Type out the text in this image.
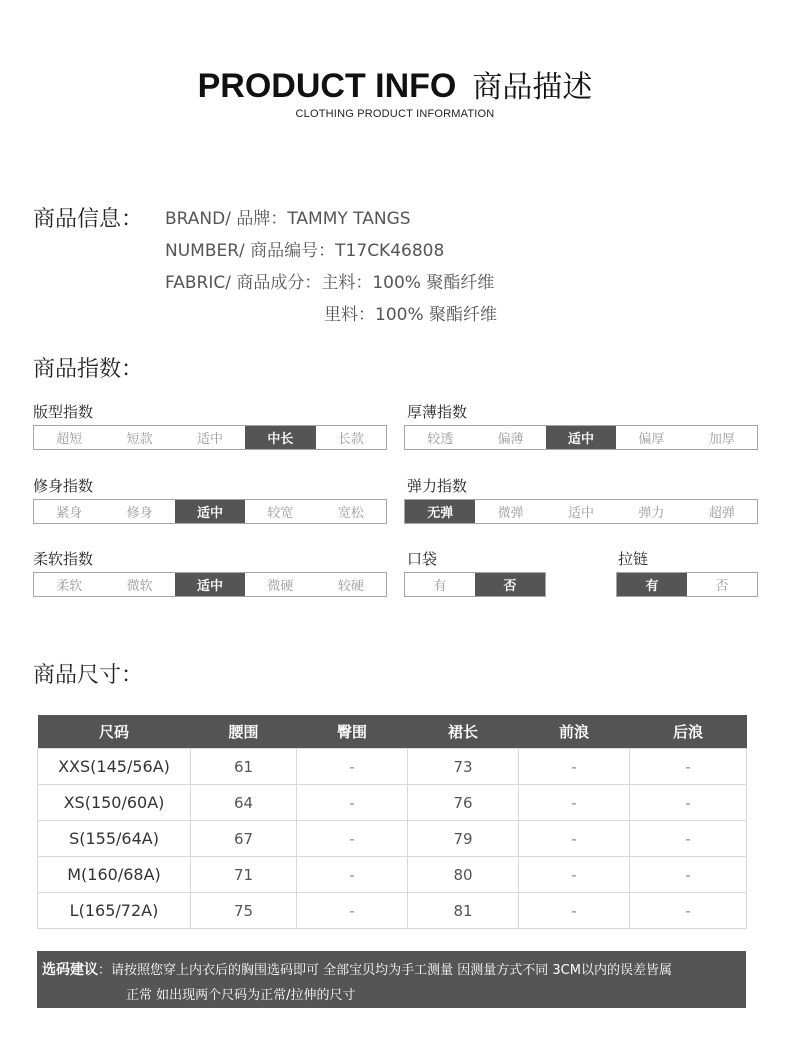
PRODUCT INFO 商品描述
CLOTHING PRODUCT INFORMATION
商品信息： BRAND/ 品牌：TAMMY TANGS
NUMBER/ 商品编号：T17CK46808
FABRIC/ 商品成分：主料：100% 聚酯纤维
里料：100% 聚酯纤维
商品指数：
版型指数
超短	短款	适中	中长	长款
厚薄指数
较透	偏薄	适中	偏厚	加厚
修身指数
紧身	修身	适中	较宽	宽松
弹力指数
无弹	微弹	适中	弹力	超弹
柔软指数
柔软	微软	适中	微硬	较硬
口袋
有	否
拉链
有	否
商品尺寸：
尺码	腰围	臀围	裙长	前浪	后浪
XXS(145/56A)	61	-	73	-	-
XS(150/60A)	64	-	76	-	-
S(155/64A)	67	-	79	-	-
M(160/68A)	71	-	80	-	-
L(165/72A)	75	-	81	-	-
选码建议：请按照您穿上内衣后的胸围选码即可 全部宝贝均为手工测量 因测量方式不同 3CM以内的误差皆属
正常 如出现两个尺码为正常/拉伸的尺寸
